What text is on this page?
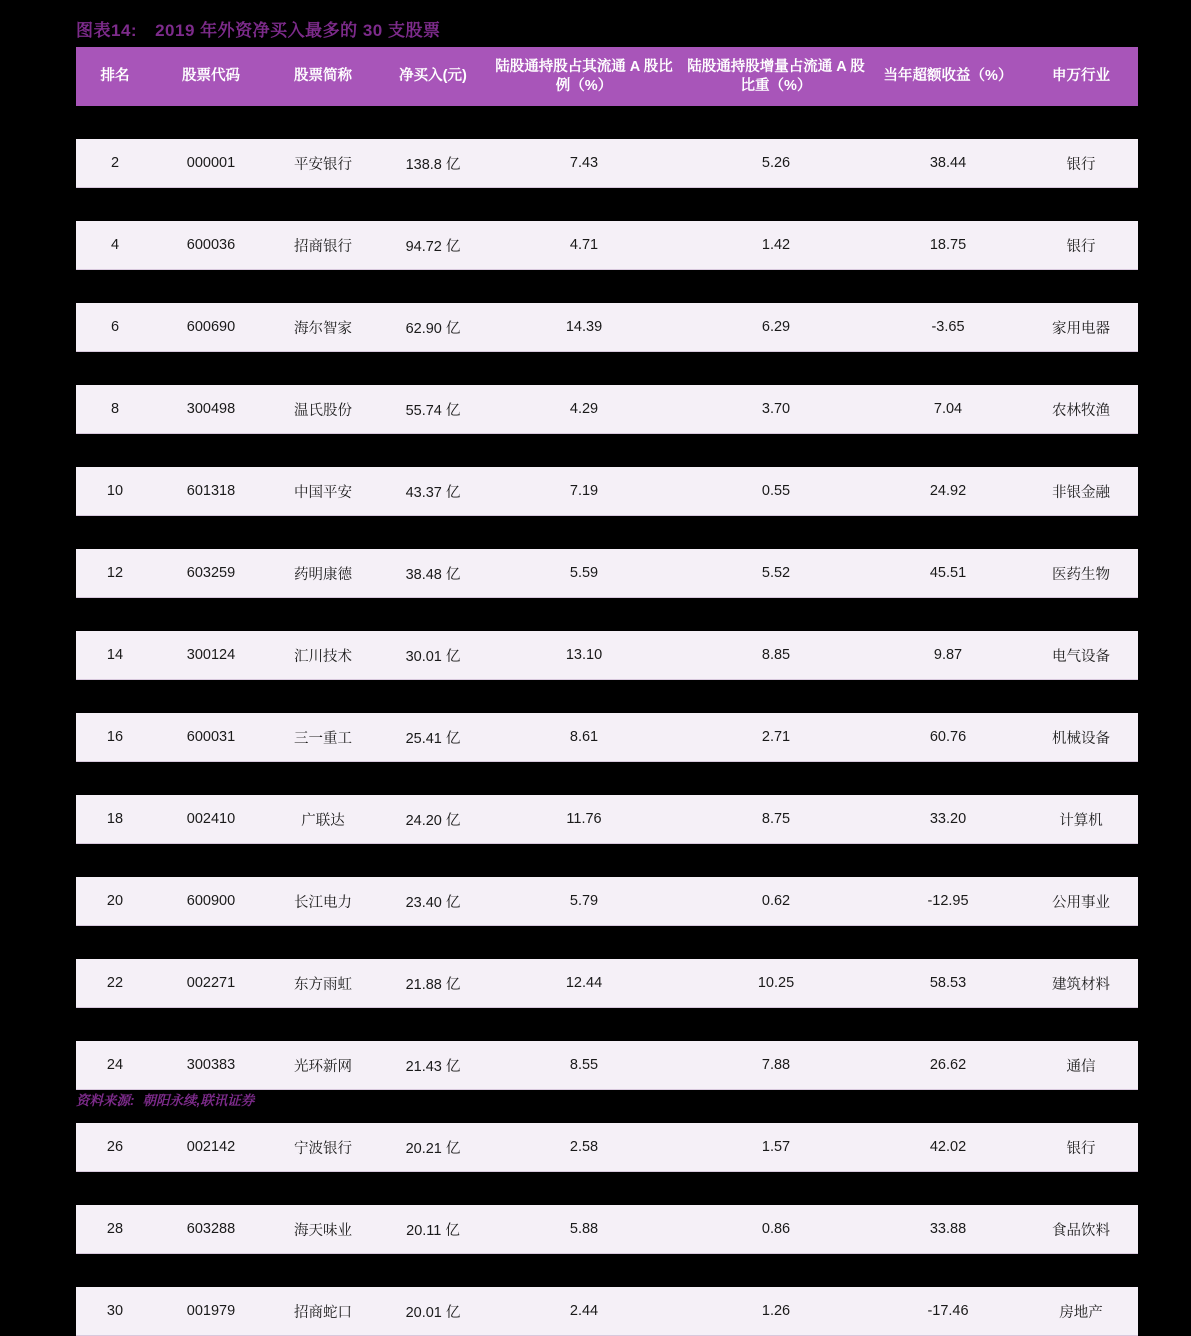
图表14: 2019 年外资净买入最多的 30 支股票
排名	股票代码	股票简称	净买入(元)	陆股通持股占其流通 A 股比例（%）	陆股通持股增量占流通 A 股比重（%）	当年超额收益（%）	申万行业

2	000001	平安银行	138.8 亿	7.43	5.26	38.44	银行

4	600036	招商银行	94.72 亿	4.71	1.42	18.75	银行

6	600690	海尔智家	62.90 亿	14.39	6.29	-3.65	家用电器

8	300498	温氏股份	55.74 亿	4.29	3.70	7.04	农林牧渔

10	601318	中国平安	43.37 亿	7.19	0.55	24.92	非银金融

12	603259	药明康德	38.48 亿	5.59	5.52	45.51	医药生物

14	300124	汇川技术	30.01 亿	13.10	8.85	9.87	电气设备

16	600031	三一重工	25.41 亿	8.61	2.71	60.76	机械设备

18	002410	广联达	24.20 亿	11.76	8.75	33.20	计算机

20	600900	长江电力	23.40 亿	5.79	0.62	-12.95	公用事业

22	002271	东方雨虹	21.88 亿	12.44	10.25	58.53	建筑材料

24	300383	光环新网	21.43 亿	8.55	7.88	26.62	通信

26	002142	宁波银行	20.21 亿	2.58	1.57	42.02	银行

28	603288	海天味业	20.11 亿	5.88	0.86	33.88	食品饮料

30	001979	招商蛇口	20.01 亿	2.44	1.26	-17.46	房地产
资料来源: 朝阳永续,联讯证券
